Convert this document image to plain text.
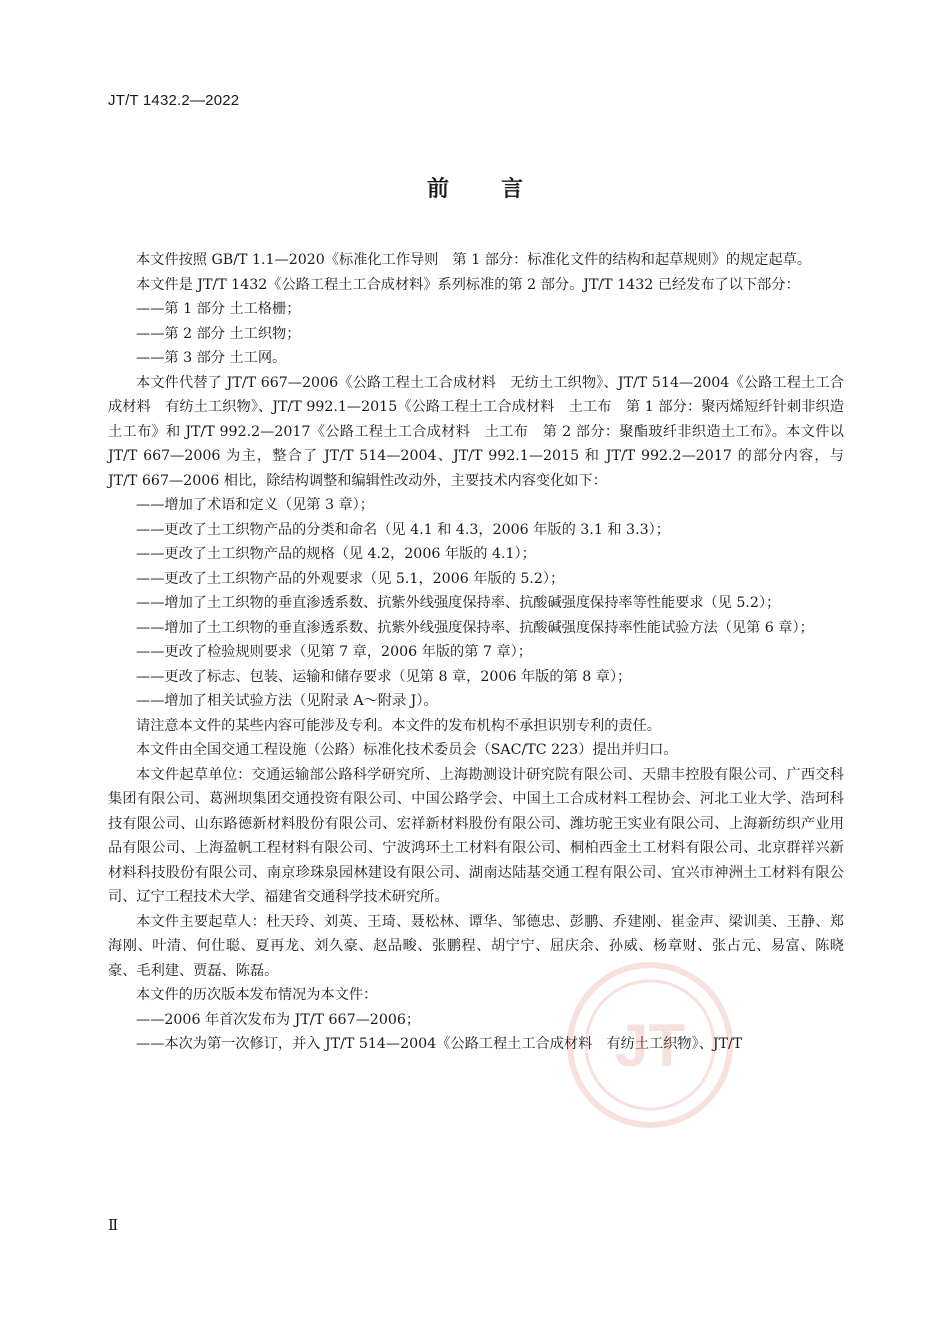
JT/T 1432.2—2022
前 言

本文件按照 GB/T 1.1—2020《标准化工作导则　第 1 部分：标准化文件的结构和起草规则》的规定起草。

本文件是 JT/T 1432《公路工程土工合成材料》系列标准的第 2 部分。JT/T 1432 已经发布了以下部分：

——第 1 部分 土工格栅；

——第 2 部分 土工织物；

——第 3 部分 土工网。

本文件代替了 JT/T 667—2006《公路工程土工合成材料　无纺土工织物》、JT/T 514—2004《公路工程土工合成材料　有纺土工织物》、JT/T 992.1—2015《公路工程土工合成材料　土工布　第 1 部分：聚丙烯短纤针刺非织造土工布》和 JT/T 992.2—2017《公路工程土工合成材料　土工布　第 2 部分：聚酯玻纤非织造土工布》。本文件以 JT/T 667—2006 为主，整合了 JT/T 514—2004、JT/T 992.1—2015 和 JT/T 992.2—2017 的部分内容，与 JT/T 667—2006 相比，除结构调整和编辑性改动外，主要技术内容变化如下：

——增加了术语和定义（见第 3 章）；

——更改了土工织物产品的分类和命名（见 4.1 和 4.3，2006 年版的 3.1 和 3.3）；

——更改了土工织物产品的规格（见 4.2，2006 年版的 4.1）；

——更改了土工织物产品的外观要求（见 5.1，2006 年版的 5.2）；

——增加了土工织物的垂直渗透系数、抗紫外线强度保持率、抗酸碱强度保持率等性能要求（见 5.2）；

——增加了土工织物的垂直渗透系数、抗紫外线强度保持率、抗酸碱强度保持率性能试验方法（见第 6 章）；

——更改了检验规则要求（见第 7 章，2006 年版的第 7 章）；

——更改了标志、包装、运输和储存要求（见第 8 章，2006 年版的第 8 章）；

——增加了相关试验方法（见附录 A～附录 J）。

请注意本文件的某些内容可能涉及专利。本文件的发布机构不承担识别专利的责任。

本文件由全国交通工程设施（公路）标准化技术委员会（SAC/TC 223）提出并归口。

本文件起草单位：交通运输部公路科学研究所、上海勘测设计研究院有限公司、天鼎丰控股有限公司、广西交科集团有限公司、葛洲坝集团交通投资有限公司、中国公路学会、中国土工合成材料工程协会、河北工业大学、浩珂科技有限公司、山东路德新材料股份有限公司、宏祥新材料股份有限公司、潍坊驼王实业有限公司、上海新纺织产业用品有限公司、上海盈帆工程材料有限公司、宁波鸿环土工材料有限公司、桐柏西金土工材料有限公司、北京群祥兴新材料科技股份有限公司、南京珍珠泉园林建设有限公司、湖南达陆基交通工程有限公司、宜兴市神洲土工材料有限公司、辽宁工程技术大学、福建省交通科学技术研究所。

本文件主要起草人：杜天玲、刘英、王琦、聂松林、谭华、邹德忠、彭鹏、乔建刚、崔金声、梁训美、王静、郑海刚、叶清、何仕聪、夏再龙、刘久豪、赵品畯、张鹏程、胡宁宁、屈庆余、孙威、杨章财、张占元、易富、陈晓豪、毛利建、贾磊、陈磊。

本文件的历次版本发布情况为本文件：

——2006 年首次发布为 JT/T 667—2006；

——本次为第一次修订，并入 JT/T 514—2004《公路工程土工合成材料　有纺土工织物》、JT/T

Ⅱ
JT
